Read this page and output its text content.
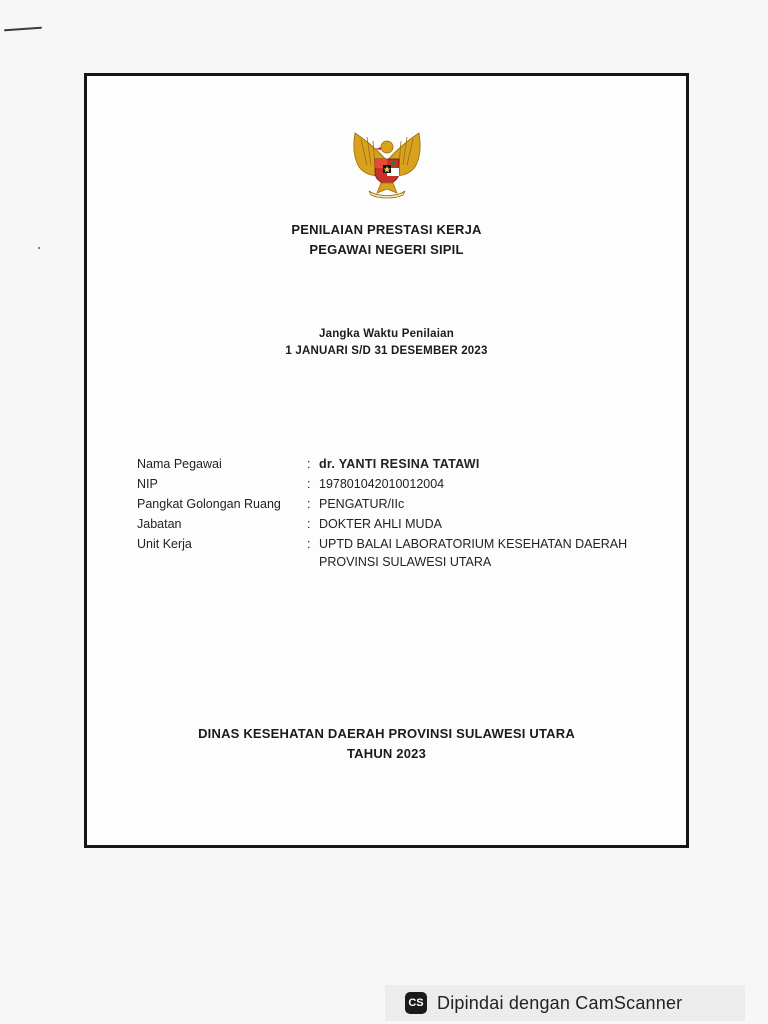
PENILAIAN PRESTASI KERJA
PEGAWAI NEGERI SIPIL
Jangka Waktu Penilaian
1 JANUARI S/D 31 DESEMBER 2023
Nama Pegawai	: dr. YANTI RESINA TATAWI
NIP	: 197801042010012004
Pangkat Golongan Ruang	: PENGATUR/IIc
Jabatan	: DOKTER AHLI MUDA
Unit Kerja	: UPTD BALAI LABORATORIUM KESEHATAN DAERAH
PROVINSI SULAWESI UTARA
DINAS KESEHATAN DAERAH PROVINSI SULAWESI UTARA
TAHUN 2023
CS Dipindai dengan CamScanner
